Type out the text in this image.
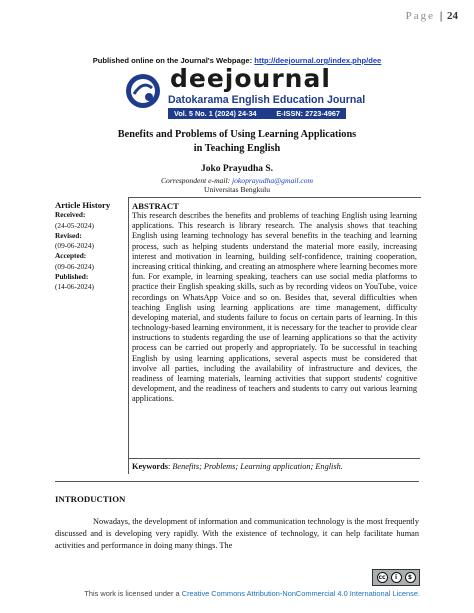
Page | 24
Published online on the Journal's Webpage: http://deejournal.org/index.php/dee
deejournal
Datokarama English Education Journal
Vol. 5 No. 1 (2024) 24-34	E-ISSN: 2723-4967
Benefits and Problems of Using Learning Applications
in Teaching English
Joko Prayudha S.
Correspondent e-mail: jokoprayudha@gmail.com
Universitas Bengkulu
Article History
Received:
(24-05-2024)
Revised:
(09-06-2024)
Accepted:
(09-06-2024)
Published:
(14-06-2024)
ABSTRACT
This research describes the benefits and problems of teaching English using learning applications. This research is library research. The analysis shows that teaching English using learning technology has several benefits in the teaching and learning process, such as helping students understand the material more easily, increasing interest and motivation in learning, building self-confidence, training cooperation, increasing critical thinking, and creating an atmosphere where learning becomes more fun. For example, in learning speaking, teachers can use social media platforms to practice their English speaking skills, such as by recording videos on YouTube, voice recordings on WhatsApp Voice and so on. Besides that, several difficulties when teaching English using learning applications are time management, difficulty developing material, and students failure to focus on certain parts of learning. In this technology-based learning environment, it is necessary for the teacher to provide clear instructions to students regarding the use of learning applications so that the activity process can be carried out properly and appropriately. To be successful in teaching English by using learning applications, several aspects must be considered that involve all parties, including the availability of infrastructure and devices, the readiness of learning materials, learning activities that support students' cognitive development, and the readiness of teachers and students to carry out various learning applications.
Keywords: Benefits; Problems; Learning application; English.
INTRODUCTION
Nowadays, the development of information and communication technology is the most frequently discussed and is developing very rapidly. With the existence of technology, it can help facilitate human activities and performance in doing many things. The
cc	i	$
This work is licensed under a Creative Commons Attribution-NonCommercial 4.0 International License.
